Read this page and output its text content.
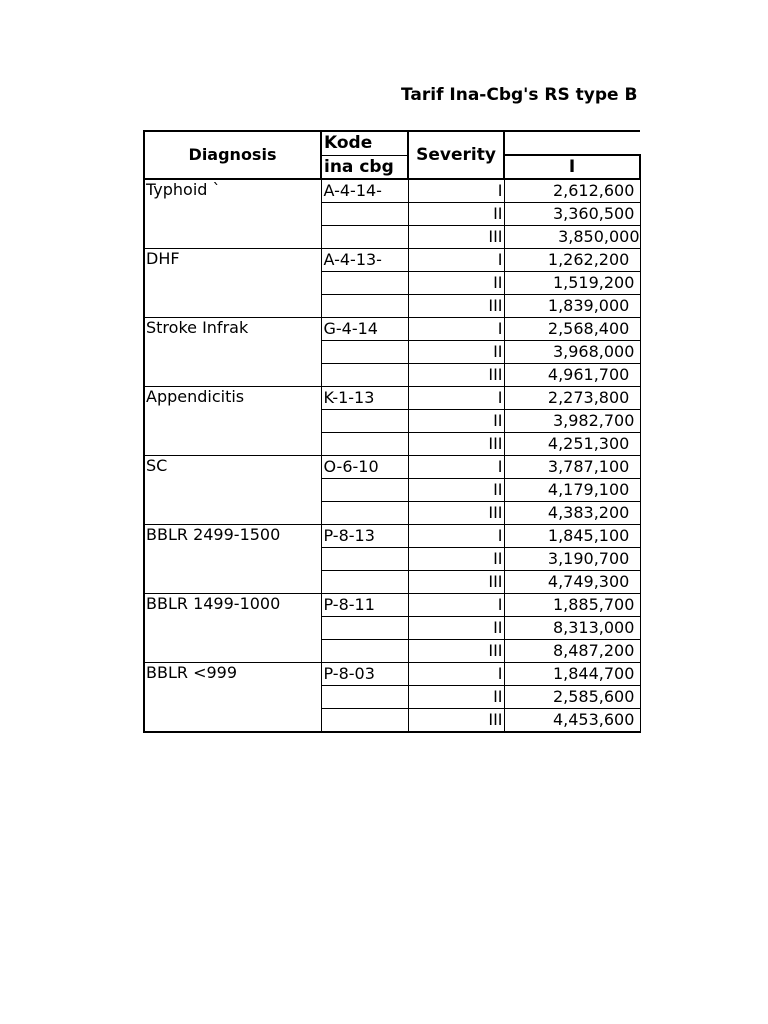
Tarif Ina-Cbg's RS type B
Diagnosis	Kode	Severity	
	ina cbg		I
Typhoid `	A-4-14-	I	2,612,600
		II	3,360,500
		III	3,850,000
DHF	A-4-13-	I	1,262,200
		II	1,519,200
		III	1,839,000
Stroke Infrak	G-4-14	I	2,568,400
		II	3,968,000
		III	4,961,700
Appendicitis	K-1-13	I	2,273,800
		II	3,982,700
		III	4,251,300
SC	O-6-10	I	3,787,100
		II	4,179,100
		III	4,383,200
BBLR 2499-1500	P-8-13	I	1,845,100
		II	3,190,700
		III	4,749,300
BBLR 1499-1000	P-8-11	I	1,885,700
		II	8,313,000
		III	8,487,200
BBLR <999	P-8-03	I	1,844,700
		II	2,585,600
		III	4,453,600
